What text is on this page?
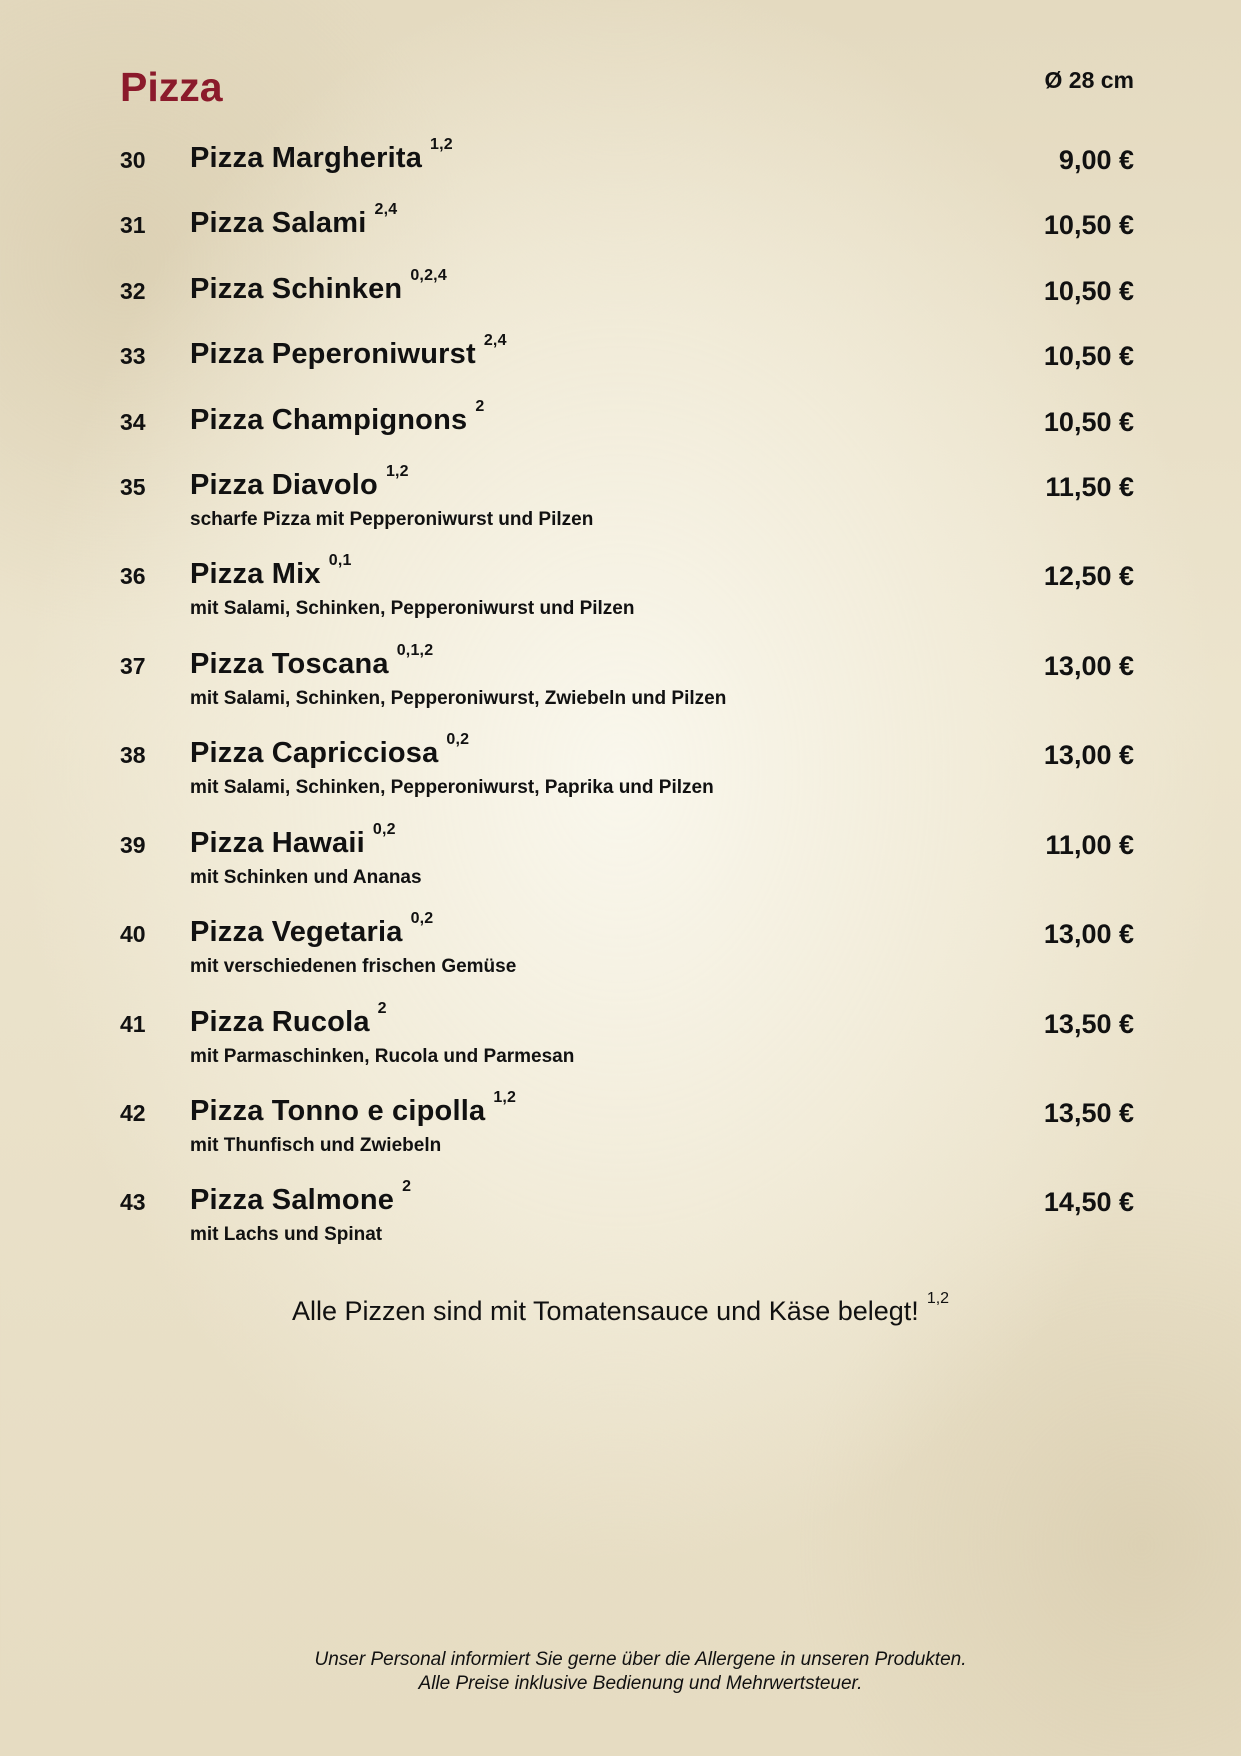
Pizza	Ø 28 cm
30 Pizza Margherita $^{1,2}$
9,00 €
31 Pizza Salami $^{2,4}$
10,50 €
32 Pizza Schinken $^{0,2,4}$
10,50 €
33 Pizza Peperoniwurst $^{2,4}$
10,50 €
34 Pizza Champignons $^2$
10,50 €
35 Pizza Diavolo $^{1,2}$
scharfe Pizza mit Pepperoniwurst und Pilzen
11,50 €
36 Pizza Mix $^{0,1}$
mit Salami, Schinken, Pepperoniwurst und Pilzen
12,50 €
37 Pizza Toscana $^{0,1,2}$
mit Salami, Schinken, Pepperoniwurst, Zwiebeln und Pilzen
13,00 €
38 Pizza Capricciosa $^{0,2}$
mit Salami, Schinken, Pepperoniwurst, Paprika und Pilzen
13,00 €
39 Pizza Hawaii $^{0,2}$
mit Schinken und Ananas
11,00 €
40 Pizza Vegetaria $^{0,2}$
mit verschiedenen frischen Gemüse
13,00 €
41 Pizza Rucola $^2$
mit Parmaschinken, Rucola und Parmesan
13,50 €
42 Pizza Tonno e cipolla $^{1,2}$
mit Thunfisch und Zwiebeln
13,50 €
43 Pizza Salmone $^2$
mit Lachs und Spinat
14,50 €
Alle Pizzen sind mit Tomatensauce und Käse belegt! $^{1,2}$
Unser Personal informiert Sie gerne über die Allergene in unseren Produkten.
Alle Preise inklusive Bedienung und Mehrwertsteuer.
